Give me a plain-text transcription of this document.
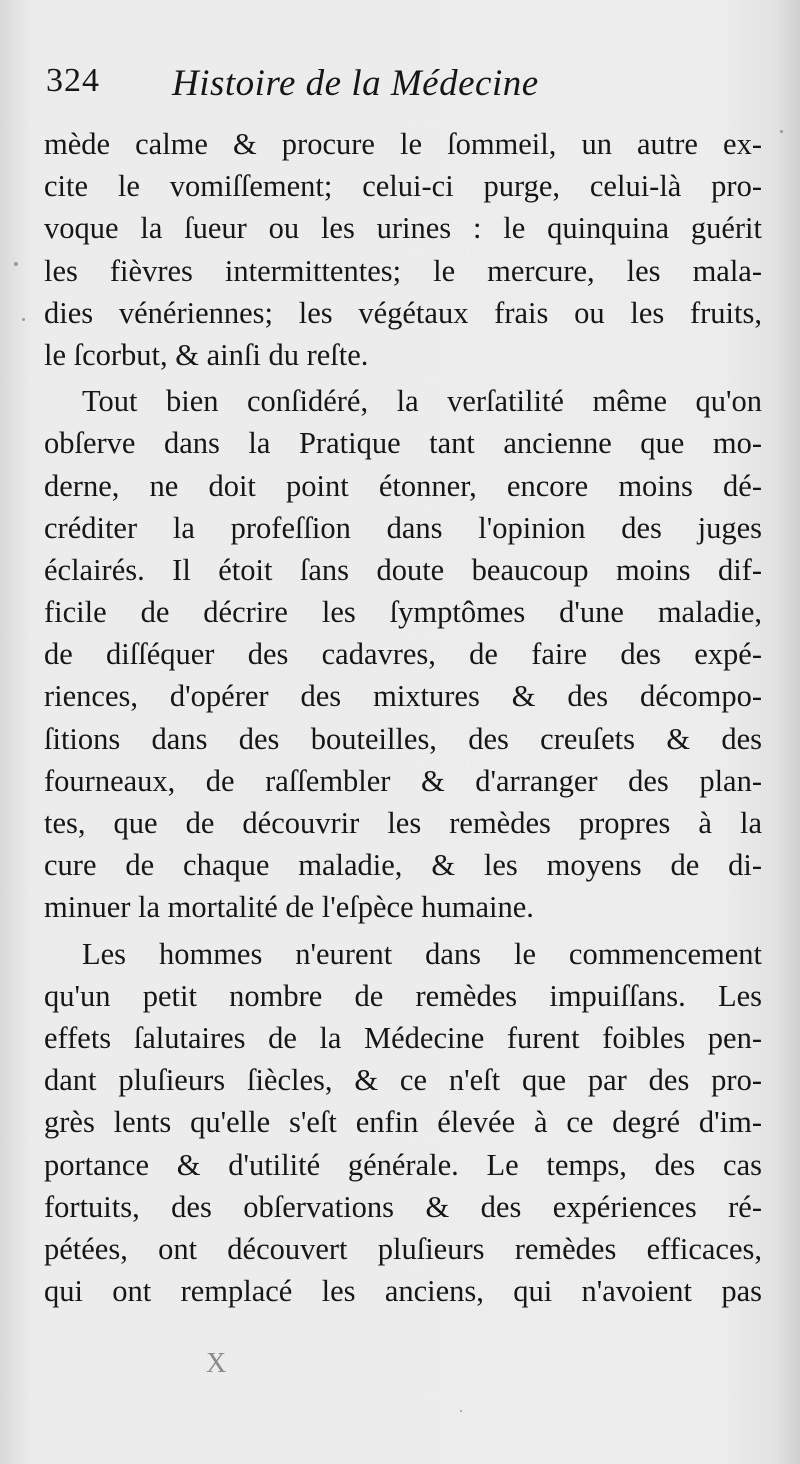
324 Histoire de la Médecine
mède calme & procure le ſommeil, un autre ex-
cite le vomiſſement; celui-ci purge, celui-là pro-
voque la ſueur ou les urines : le quinquina guérit
les fièvres intermittentes; le mercure, les mala-
dies vénériennes; les végétaux frais ou les fruits,
le ſcorbut, & ainſi du reſte.
Tout bien conſidéré, la verſatilité même qu'on
obſerve dans la Pratique tant ancienne que mo-
derne, ne doit point étonner, encore moins dé-
créditer la profeſſion dans l'opinion des juges
éclairés. Il étoit ſans doute beaucoup moins dif-
ficile de décrire les ſymptômes d'une maladie,
de diſſéquer des cadavres, de faire des expé-
riences, d'opérer des mixtures & des décompo-
ſitions dans des bouteilles, des creuſets & des
fourneaux, de raſſembler & d'arranger des plan-
tes, que de découvrir les remèdes propres à la
cure de chaque maladie, & les moyens de di-
minuer la mortalité de l'eſpèce humaine.
Les hommes n'eurent dans le commencement
qu'un petit nombre de remèdes impuiſſans. Les
effets ſalutaires de la Médecine furent foibles pen-
dant pluſieurs ſiècles, & ce n'eſt que par des pro-
grès lents qu'elle s'eſt enfin élevée à ce degré d'im-
portance & d'utilité générale. Le temps, des cas
fortuits, des obſervations & des expériences ré-
pétées, ont découvert pluſieurs remèdes efficaces,
qui ont remplacé les anciens, qui n'avoient pas
X
